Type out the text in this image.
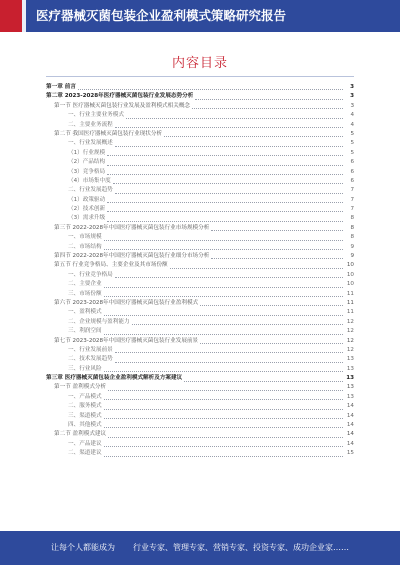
医疗器械灭菌包装企业盈利模式策略研究报告
内容目录
第一章 前言	3
第二章 2023-2028年医疗器械灭菌包装行业发展态势分析	3
第一节 医疗器械灭菌包装行业发展及盈利模式相关概念	3
一、行业主要业务模式	4
二、主要业务流程	4
第二节 我国医疗器械灭菌包装行业现状分析	5
一、行业发展概述	5
（1）行业规模	5
（2）产品结构	6
（3）竞争格局	6
（4）市场集中度	6
二、行业发展趋势	7
（1）政策驱动	7
（2）技术创新	7
（3）需求升级	8
第三节 2022-2028年中国医疗器械灭菌包装行业市场规模分析	8
一、市场规模	8
二、市场结构	9
第四节 2022-2028年中国医疗器械灭菌包装行业细分市场分析	9
第五节 行业竞争格局、主要企业及其市场份额	10
一、行业竞争格局	10
二、主要企业	10
三、市场份额	11
第六节 2023-2028年中国医疗器械灭菌包装行业盈利模式	11
一、盈利模式	11
二、企业规模与盈利能力	12
三、利润空间	12
第七节 2023-2028年中国医疗器械灭菌包装行业发展前景	12
一、行业发展前景	12
二、技术发展趋势	13
三、行业风险	13
第三章 医疗器械灭菌包装企业盈利模式解析及方案建议	13
第一节 盈利模式分析	13
一、产品模式	13
二、服务模式	14
三、渠道模式	14
四、其他模式	14
第二节 盈利模式建议	14
一、产品建议	14
二、渠道建议	15
让每个人都能成为 行业专家、管理专家、营销专家、投资专家、成功企业家……
